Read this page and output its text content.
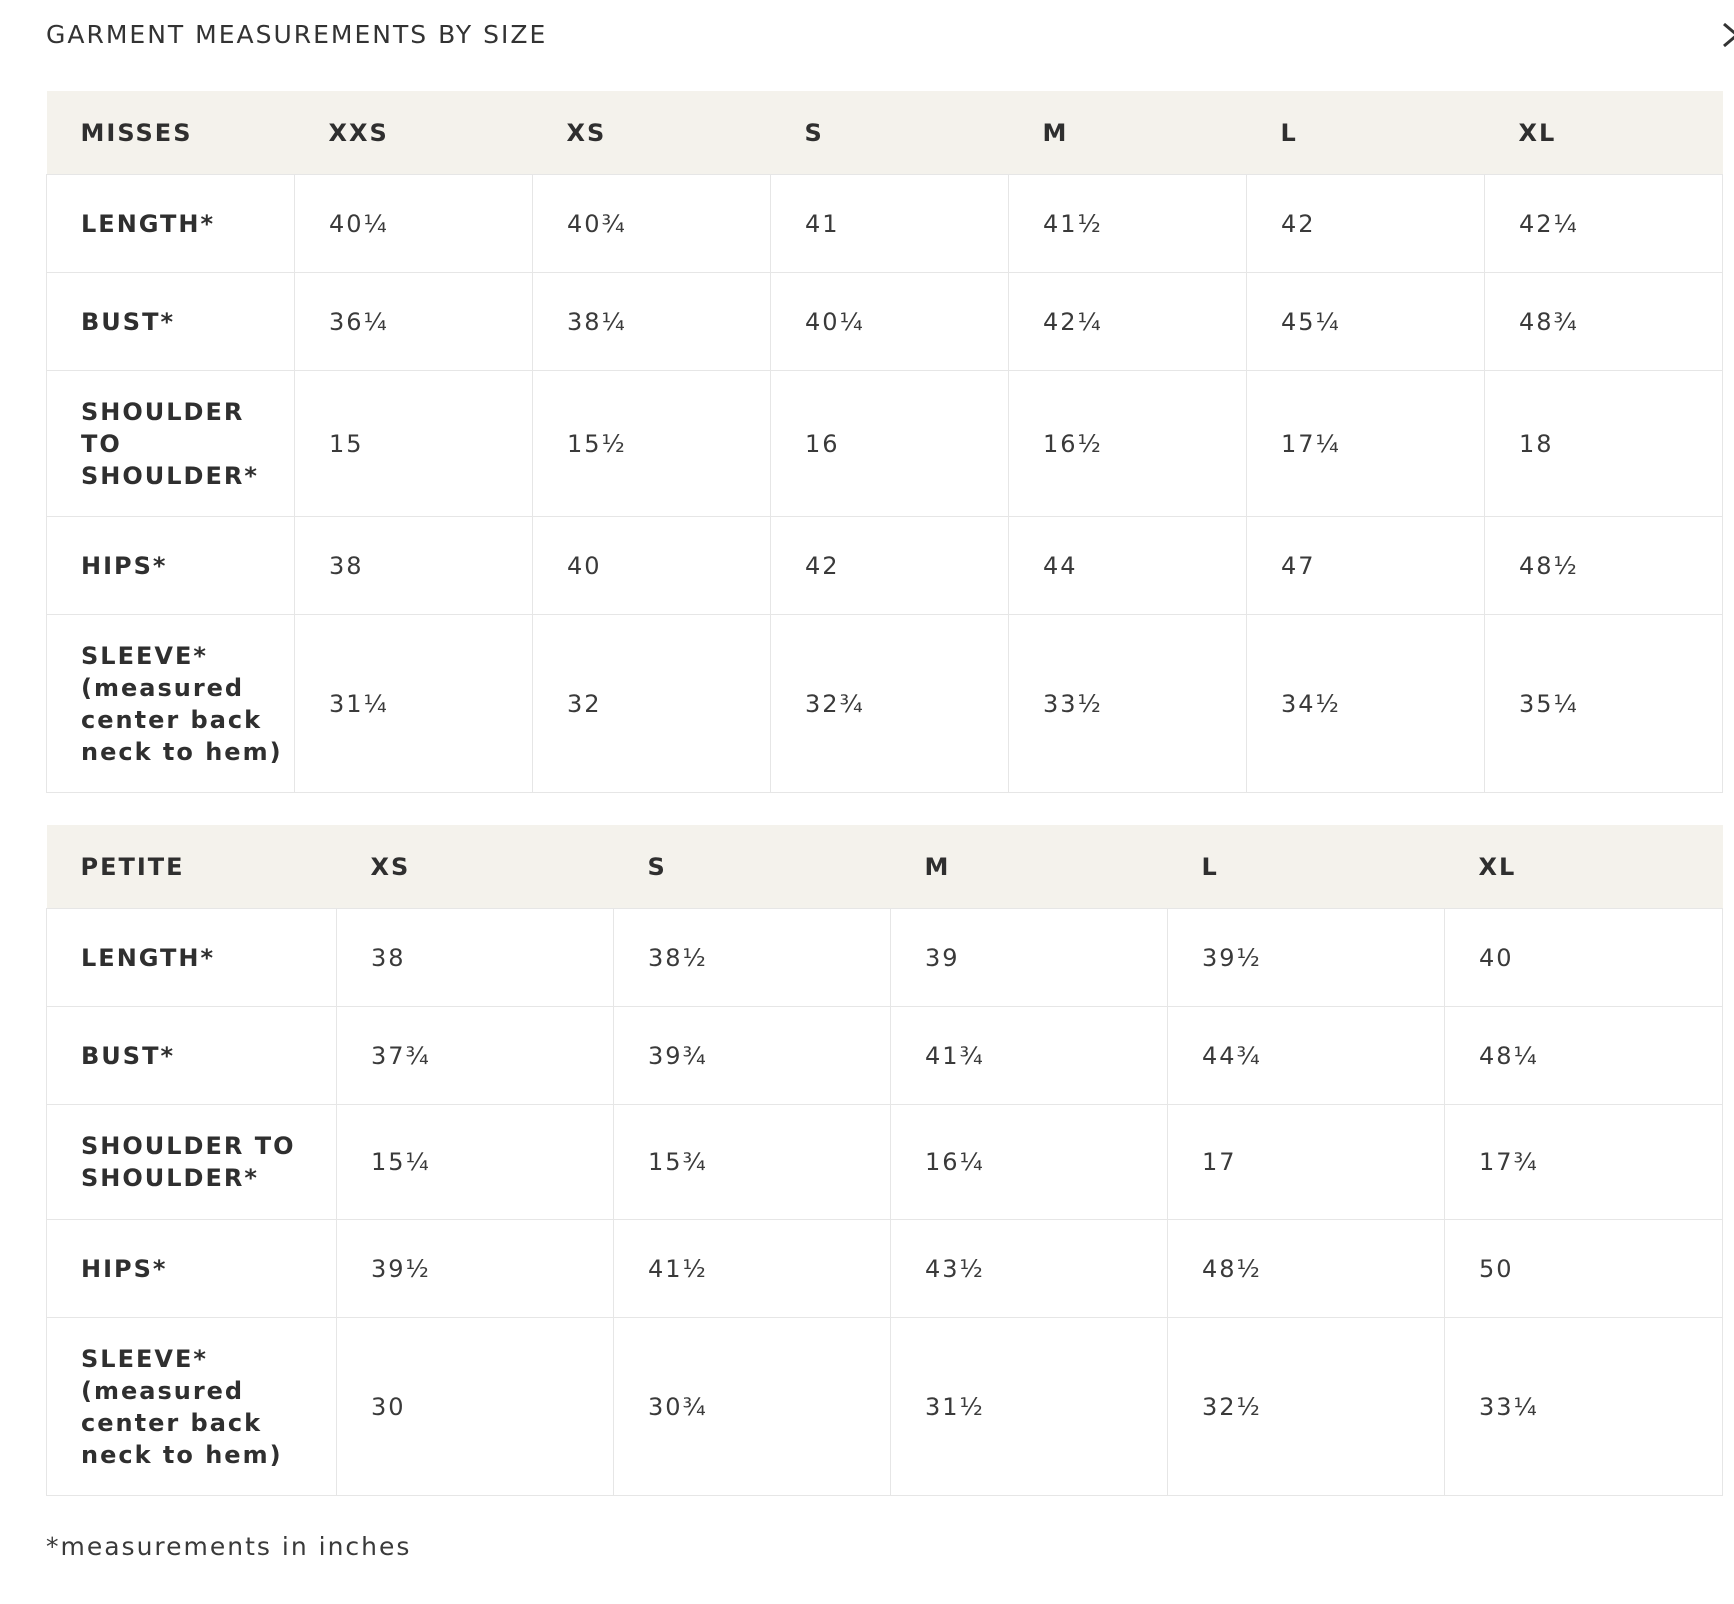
GARMENT MEASUREMENTS BY SIZE
MISSES	XXS	XS	S	M	L	XL
LENGTH*	40¼	40¾	41	41½	42	42¼
BUST*	36¼	38¼	40¼	42¼	45¼	48¾
SHOULDER
TO
SHOULDER*	15	15½	16	16½	17¼	18
HIPS*	38	40	42	44	47	48½
SLEEVE*
(measured
center back
neck to hem)	31¼	32	32¾	33½	34½	35¼
PETITE	XS	S	M	L	XL
LENGTH*	38	38½	39	39½	40
BUST*	37¾	39¾	41¾	44¾	48¼
SHOULDER TO
SHOULDER*	15¼	15¾	16¼	17	17¾
HIPS*	39½	41½	43½	48½	50
SLEEVE*
(measured
center back
neck to hem)	30	30¾	31½	32½	33¼
*measurements in inches
